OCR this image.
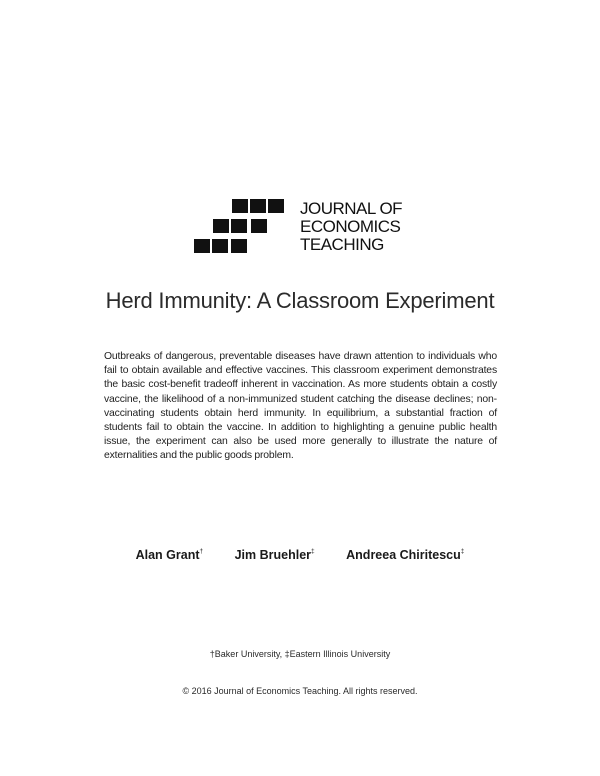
JOURNAL OF
ECONOMICS
TEACHING
Herd Immunity: A Classroom Experiment
Outbreaks of dangerous, preventable diseases have drawn attention to individuals who fail to obtain available and effective vaccines. This classroom experiment demonstrates the basic cost-benefit tradeoff inherent in vaccination. As more students obtain a costly vaccine, the likelihood of a non-immunized student catching the disease declines; non-vaccinating students obtain herd immunity. In equilibrium, a substantial fraction of students fail to obtain the vaccine. In addition to highlighting a genuine public health issue, the experiment can also be used more generally to illustrate the nature of externalities and the public goods problem.
Alan Grant†	Jim Bruehler‡	Andreea Chiritescu‡
†Baker University, ‡Eastern Illinois University
© 2016 Journal of Economics Teaching. All rights reserved.
